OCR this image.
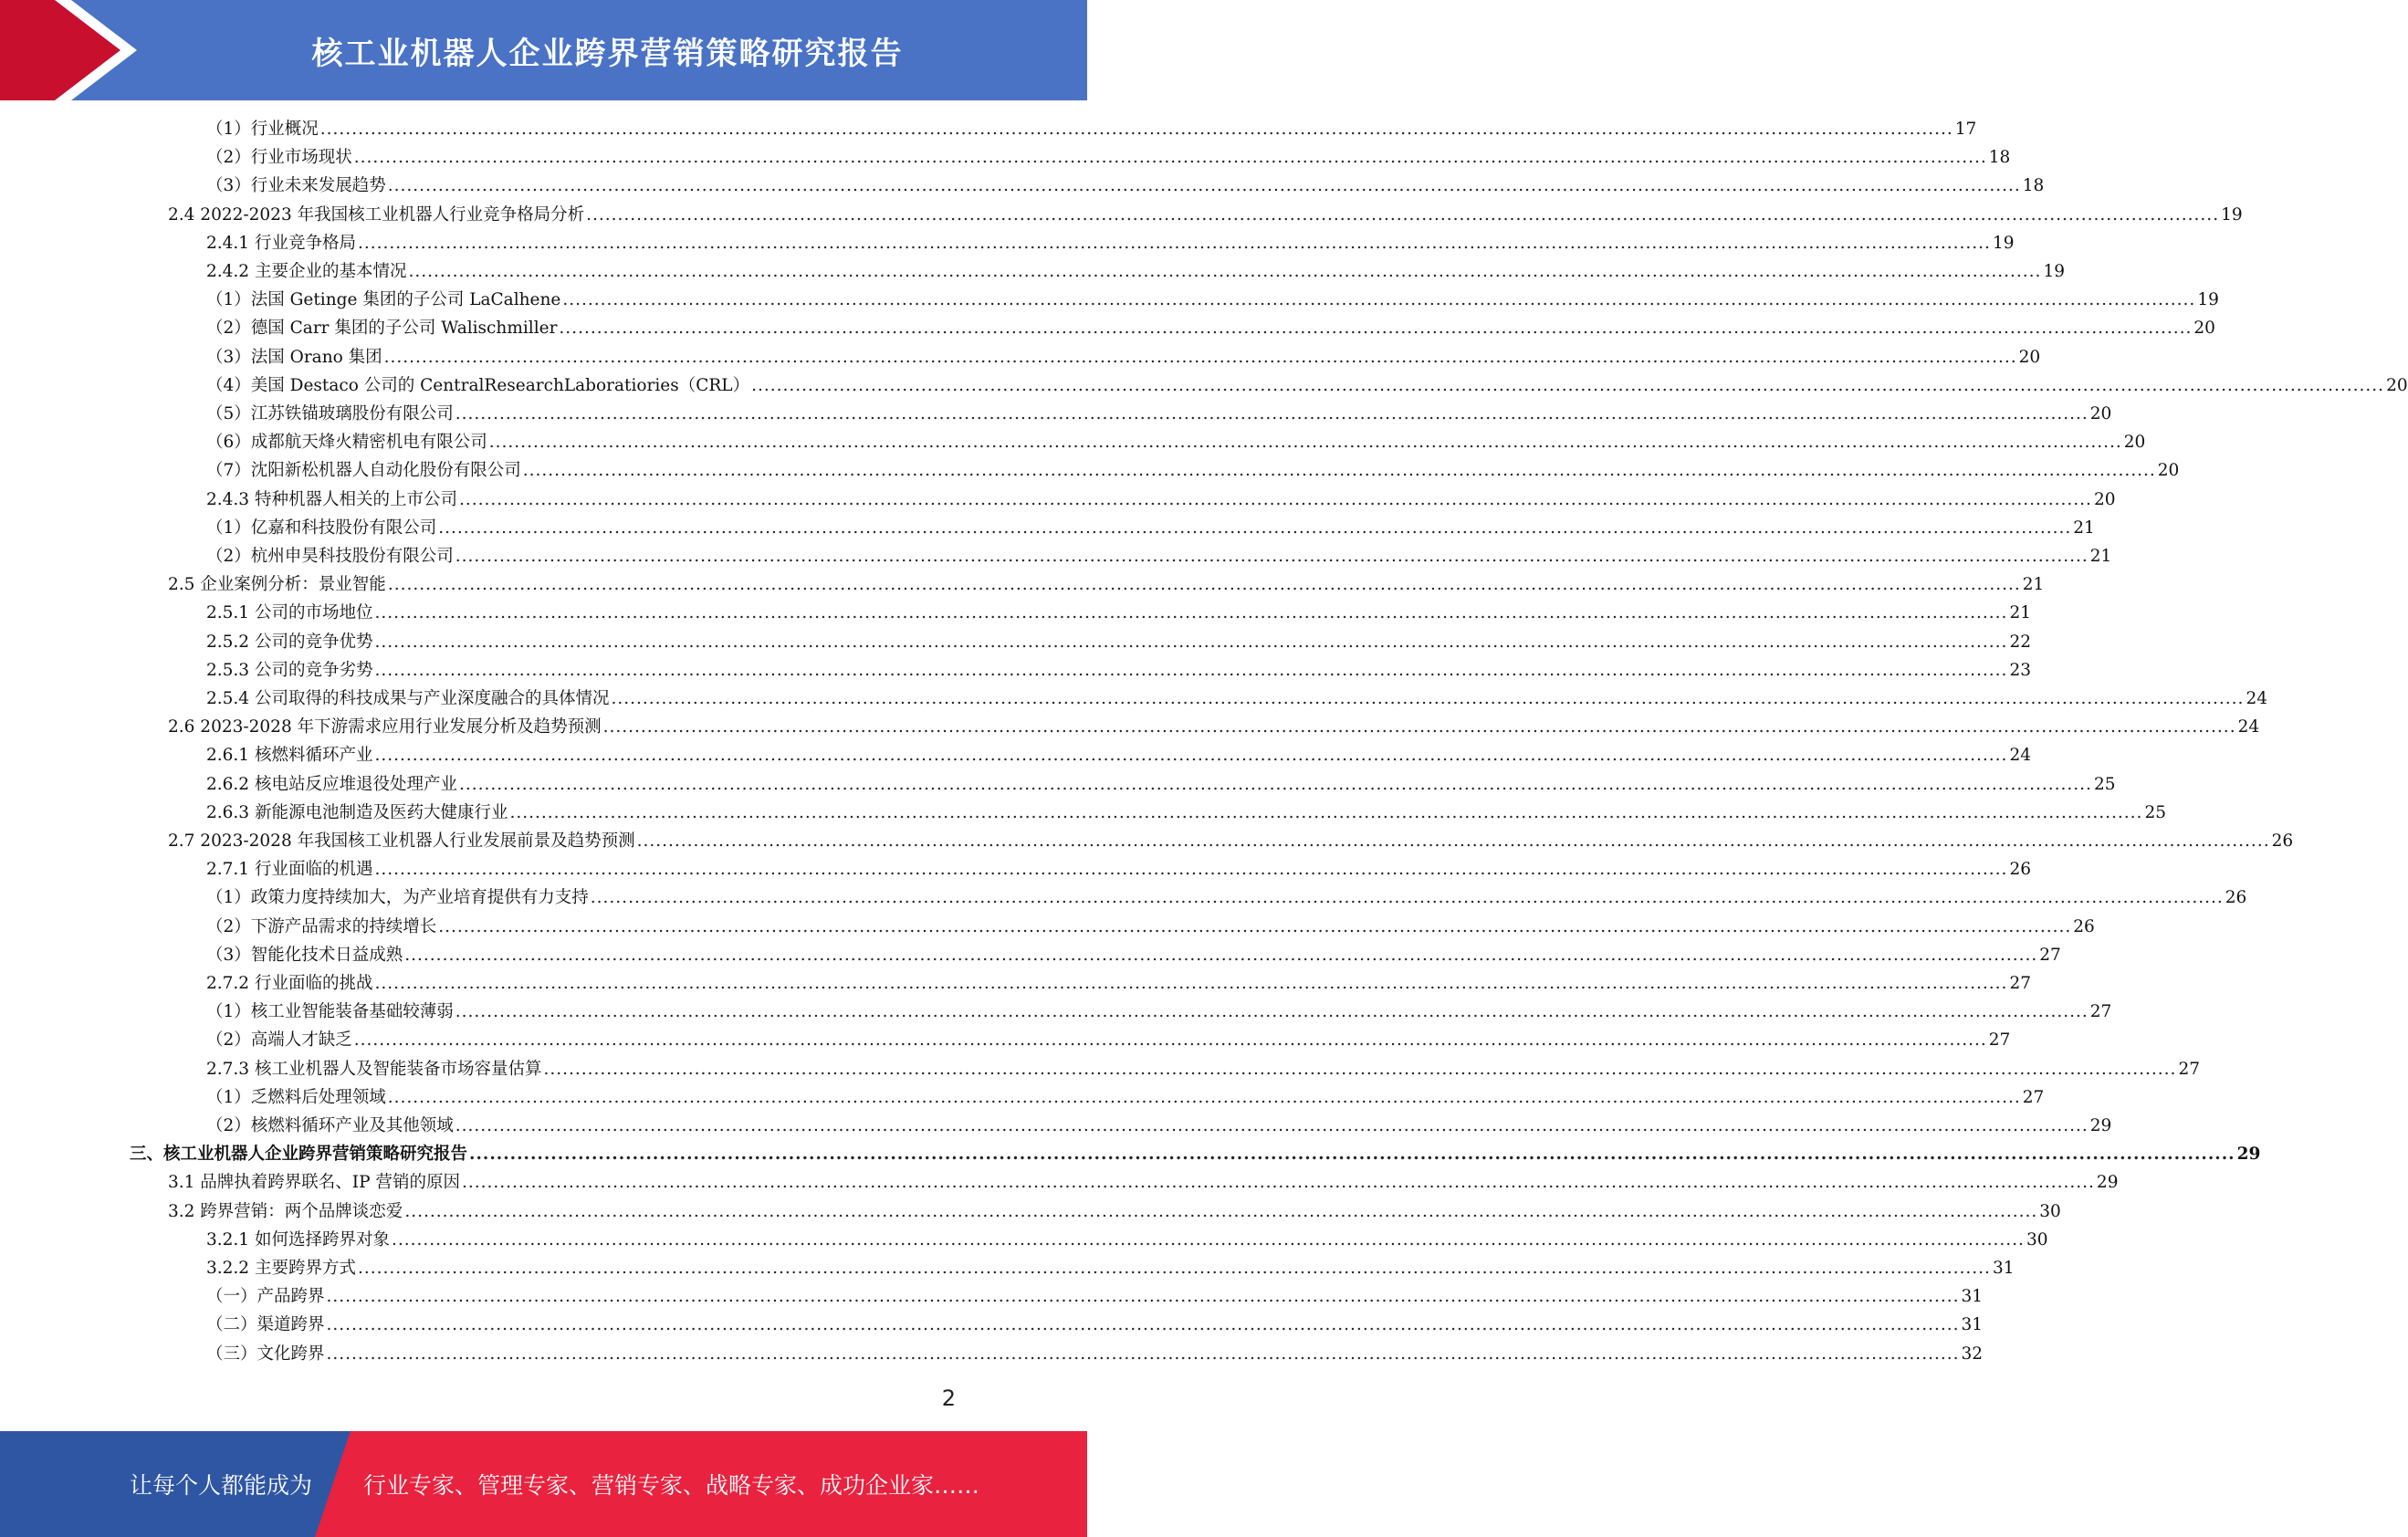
核工业机器人企业跨界营销策略研究报告
（1）行业概况 .................................................................................................................................................................................................................................................................... 17
（2）行业市场现状 .................................................................................................................................................................................................................................................................... 18
（3）行业未来发展趋势 .................................................................................................................................................................................................................................................................... 18
2.4 2022-2023 年我国核工业机器人行业竞争格局分析 .................................................................................................................................................................................................................................................................... 19
2.4.1 行业竞争格局 .................................................................................................................................................................................................................................................................... 19
2.4.2 主要企业的基本情况 .................................................................................................................................................................................................................................................................... 19
（1）法国 Getinge 集团的子公司 LaCalhene .................................................................................................................................................................................................................................................................... 19
（2）德国 Carr 集团的子公司 Walischmiller .................................................................................................................................................................................................................................................................... 20
（3）法国 Orano 集团 .................................................................................................................................................................................................................................................................... 20
（4）美国 Destaco 公司的 CentralResearchLaboratiories（CRL） .................................................................................................................................................................................................................................................................... 20
（5）江苏铁锚玻璃股份有限公司 .................................................................................................................................................................................................................................................................... 20
（6）成都航天烽火精密机电有限公司 .................................................................................................................................................................................................................................................................... 20
（7）沈阳新松机器人自动化股份有限公司 .................................................................................................................................................................................................................................................................... 20
2.4.3 特种机器人相关的上市公司 .................................................................................................................................................................................................................................................................... 20
（1）亿嘉和科技股份有限公司 .................................................................................................................................................................................................................................................................... 21
（2）杭州申昊科技股份有限公司 .................................................................................................................................................................................................................................................................... 21
2.5 企业案例分析：景业智能 .................................................................................................................................................................................................................................................................... 21
2.5.1 公司的市场地位 .................................................................................................................................................................................................................................................................... 21
2.5.2 公司的竞争优势 .................................................................................................................................................................................................................................................................... 22
2.5.3 公司的竞争劣势 .................................................................................................................................................................................................................................................................... 23
2.5.4 公司取得的科技成果与产业深度融合的具体情况 .................................................................................................................................................................................................................................................................... 24
2.6 2023-2028 年下游需求应用行业发展分析及趋势预测 .................................................................................................................................................................................................................................................................... 24
2.6.1 核燃料循环产业 .................................................................................................................................................................................................................................................................... 24
2.6.2 核电站反应堆退役处理产业 .................................................................................................................................................................................................................................................................... 25
2.6.3 新能源电池制造及医药大健康行业 .................................................................................................................................................................................................................................................................... 25
2.7 2023-2028 年我国核工业机器人行业发展前景及趋势预测 .................................................................................................................................................................................................................................................................... 26
2.7.1 行业面临的机遇 .................................................................................................................................................................................................................................................................... 26
（1）政策力度持续加大，为产业培育提供有力支持 .................................................................................................................................................................................................................................................................... 26
（2）下游产品需求的持续增长 .................................................................................................................................................................................................................................................................... 26
（3）智能化技术日益成熟 .................................................................................................................................................................................................................................................................... 27
2.7.2 行业面临的挑战 .................................................................................................................................................................................................................................................................... 27
（1）核工业智能装备基础较薄弱 .................................................................................................................................................................................................................................................................... 27
（2）高端人才缺乏 .................................................................................................................................................................................................................................................................... 27
2.7.3 核工业机器人及智能装备市场容量估算 .................................................................................................................................................................................................................................................................... 27
（1）乏燃料后处理领域 .................................................................................................................................................................................................................................................................... 27
（2）核燃料循环产业及其他领域 .................................................................................................................................................................................................................................................................... 29
三、核工业机器人企业跨界营销策略研究报告 .................................................................................................................................................................................................................................................................... 29
3.1 品牌执着跨界联名、IP 营销的原因 .................................................................................................................................................................................................................................................................... 29
3.2 跨界营销：两个品牌谈恋爱 .................................................................................................................................................................................................................................................................... 30
3.2.1 如何选择跨界对象 .................................................................................................................................................................................................................................................................... 30
3.2.2 主要跨界方式 .................................................................................................................................................................................................................................................................... 31
（一）产品跨界 .................................................................................................................................................................................................................................................................... 31
（二）渠道跨界 .................................................................................................................................................................................................................................................................... 31
（三）文化跨界 .................................................................................................................................................................................................................................................................... 32
2
让每个人都能成为 行业专家、管理专家、营销专家、战略专家、成功企业家……
